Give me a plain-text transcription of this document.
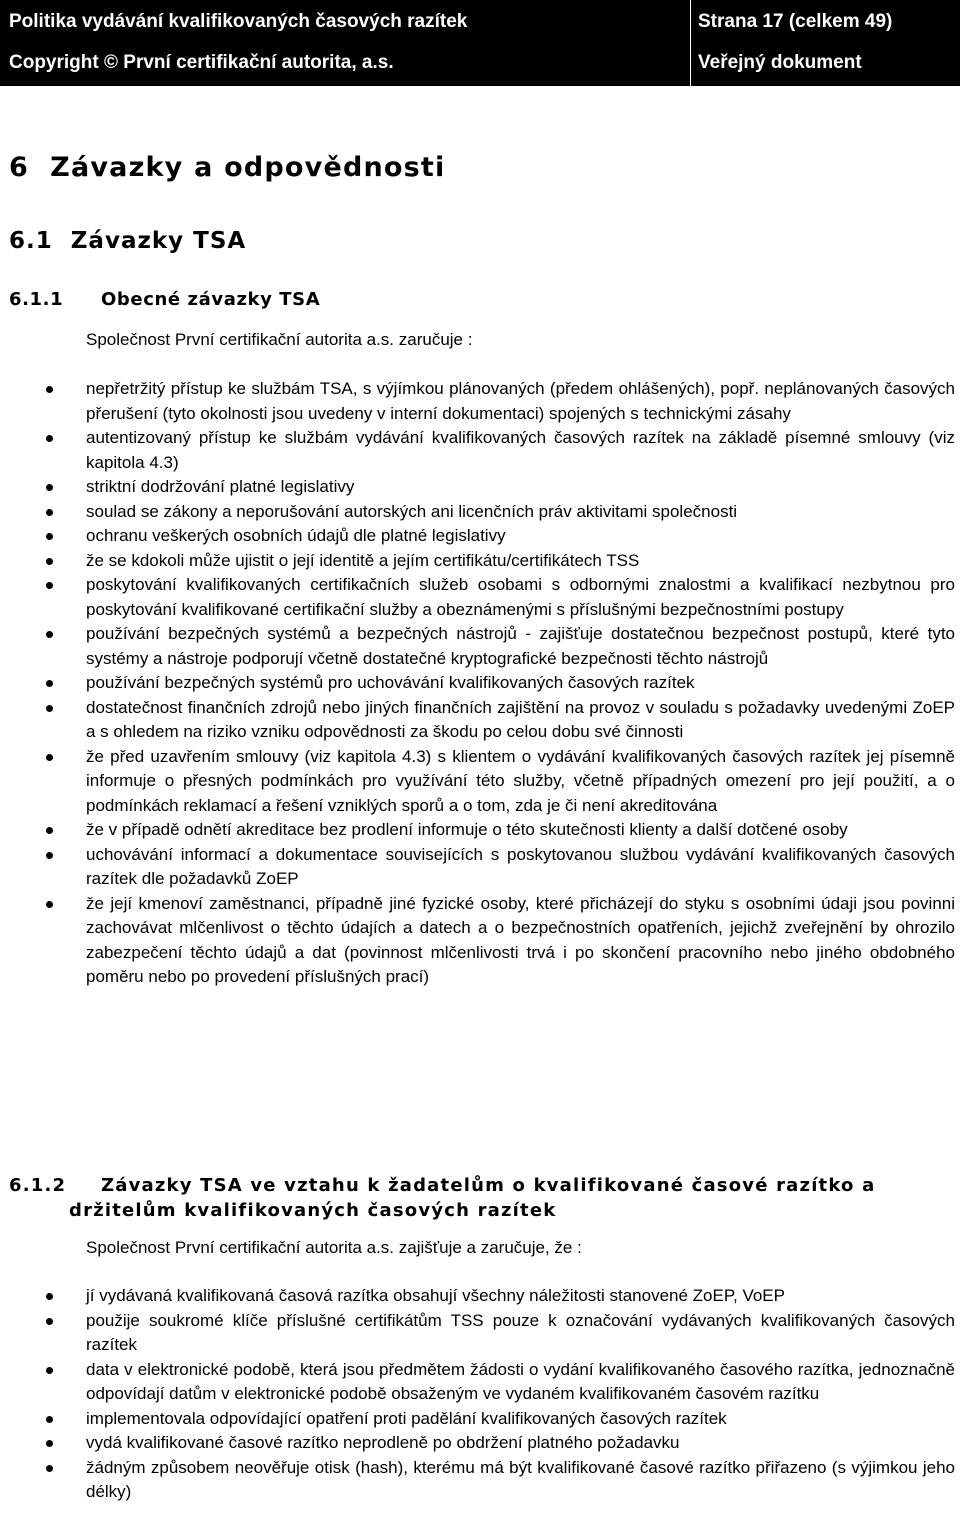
Politika vydávání kvalifikovaných časových razítek	Strana 17 (celkem 49)
Copyright © První certifikační autorita, a.s.	Veřejný dokument
6  Závazky a odpovědnosti
6.1  Závazky TSA
6.1.1 Obecné závazky TSA
Společnost První certifikační autorita a.s. zaručuje :
nepřetržitý přístup ke službám TSA, s výjímkou plánovaných (předem ohlášených), popř. neplánovaných časových přerušení (tyto okolnosti jsou uvedeny v interní dokumentaci) spojených s technickými zásahy
autentizovaný přístup ke službám vydávání kvalifikovaných časových razítek na základě písemné smlouvy (viz kapitola 4.3)
striktní dodržování platné legislativy
soulad se zákony a neporušování autorských ani licenčních práv aktivitami společnosti
ochranu veškerých osobních údajů dle platné legislativy
že se kdokoli může ujistit o její identitě a jejím certifikátu/certifikátech TSS
poskytování kvalifikovaných certifikačních služeb osobami s odbornými znalostmi a kvalifikací nezbytnou pro poskytování kvalifikované certifikační služby a obeznámenými s příslušnými bezpečnostními postupy
používání bezpečných systémů a bezpečných nástrojů - zajišťuje dostatečnou bezpečnost postupů, které tyto systémy a nástroje podporují včetně dostatečné kryptografické bezpečnosti těchto nástrojů
používání bezpečných systémů pro uchovávání kvalifikovaných časových razítek
dostatečnost finančních zdrojů nebo jiných finančních zajištění na provoz v souladu s požadavky uvedenými ZoEP a s ohledem na riziko vzniku odpovědnosti za škodu po celou dobu své činnosti
že před uzavřením smlouvy (viz kapitola 4.3) s klientem o vydávání kvalifikovaných časových razítek jej písemně informuje o přesných podmínkách pro využívání této služby, včetně případných omezení pro její použití, a o podmínkách reklamací a řešení vzniklých sporů a o tom, zda je či není akreditována
že v případě odnětí akreditace bez prodlení informuje o této skutečnosti klienty a další dotčené osoby
uchovávání informací a dokumentace souvisejících s poskytovanou službou vydávání kvalifikovaných časových razítek dle požadavků ZoEP
že její kmenoví zaměstnanci, případně jiné fyzické osoby, které přicházejí do styku s osobními údaji jsou povinni zachovávat mlčenlivost o těchto údajích a datech a o bezpečnostních opatřeních, jejichž zveřejnění by ohrozilo zabezpečení těchto údajů a dat (povinnost mlčenlivosti trvá i po skončení pracovního nebo jiného obdobného poměru nebo po provedení příslušných prací)
6.1.2 Závazky TSA ve vztahu k žadatelům o kvalifikované časové razítko a
držitelům kvalifikovaných časových razítek
Společnost První certifikační autorita a.s. zajišťuje a zaručuje, že :
jí vydávaná kvalifikovaná časová razítka obsahují všechny náležitosti stanovené ZoEP, VoEP
použije soukromé klíče příslušné certifikátům TSS pouze k označování vydávaných kvalifikovaných časových razítek
data v elektronické podobě, která jsou předmětem žádosti o vydání kvalifikovaného časového razítka, jednoznačně odpovídají datům v elektronické podobě obsaženým ve vydaném kvalifikovaném časovém razítku
implementovala odpovídající opatření proti padělání kvalifikovaných časových razítek
vydá kvalifikované časové razítko neprodleně po obdržení platného požadavku
žádným způsobem neověřuje otisk (hash), kterému má být kvalifikované časové razítko přiřazeno (s výjimkou jeho délky)
